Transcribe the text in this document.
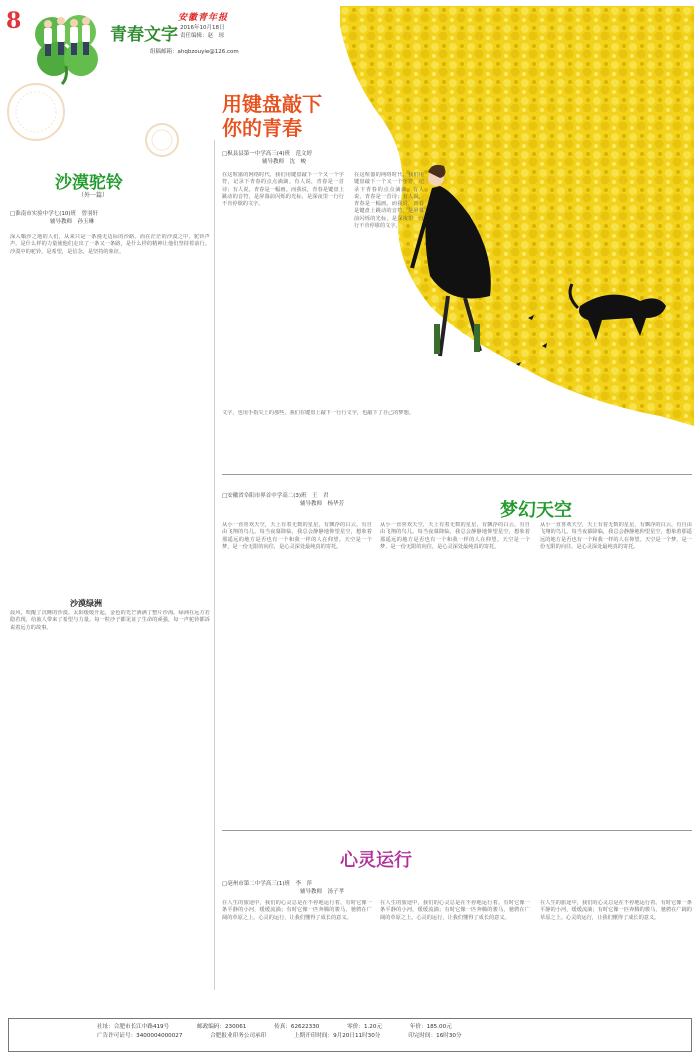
8
青春文字
安徽青年报
2016年10月18日
责任编辑：赵　琼
组稿邮箱：ahqbzouyie@126.com
用键盘敲下
你的青春
□枞县县第一中学高三(4)班　范文婷
辅导教师　沈　峻
在这喧嚣的网络时代，我们用键盘敲下一个又一个字符，记录下青春的点点滴滴。有人说，青春是一首诗；有人说，青春是一幅画。而我说，青春是键盘上跳动的音符，是屏幕前闪烁的光标，是深夜里一行行不肯停歇的文字。
在这喧嚣的网络时代，我们用键盘敲下一个又一个字符，记录下青春的点点滴滴。有人说，青春是一首诗；有人说，青春是一幅画。而我说，青春是键盘上跳动的音符，是屏幕前闪烁的光标，是深夜里一行行不肯停歇的文字。
文字，也用手指尖上的那些，我们在键盘上敲下一行行文字，也敲下了自己的梦想。
沙漠驼铃
（外一篇）
□淮南市实验中学七(10)班　曾羽轩
辅导教师　孙玉琳
深入嗡沙之地的人们，从来只是一条漫无边际的沙路。而在茫茫的沙漠之中，驼铃声声。是什么样的力量使他们走出了一条又一条路，是什么样的精神让他们坚持着前行。沙漠中的驼铃，是希望，是信念，是坚持的象征。
沙漠绿洲
晨风，吹醒了沉睡的沙漠。太阳缓缓升起，金色的光芒洒满了整片沙海。绿洲在远方若隐若现，给旅人带来了希望与力量。每一粒沙子都见证了生命的顽强，每一声驼铃都诉说着远方的故事。
□安徽省阜阳市界首中学高二(3)班　王　君
辅导教师　杨华芳	梦幻天空
从小一直喜欢天空，天上有着无数的星星，有飘浮的白云，有自由飞翔的鸟儿。每当夜幕降临，我总会静静地仰望星空，想象着那遥远的地方是否也有一个和我一样的人在仰望。天空是一个梦，是一份无限的向往，是心灵深处最纯真的寄托。
从小一直喜欢天空，天上有着无数的星星，有飘浮的白云，有自由飞翔的鸟儿。每当夜幕降临，我总会静静地仰望星空，想象着那遥远的地方是否也有一个和我一样的人在仰望。天空是一个梦，是一份无限的向往，是心灵深处最纯真的寄托。
从小一直喜欢天空，天上有着无数的星星，有飘浮的白云，有自由飞翔的鸟儿。每当夜幕降临，我总会静静地仰望星空，想象着那遥远的地方是否也有一个和我一样的人在仰望。天空是一个梦，是一份无限的向往，是心灵深处最纯真的寄托。
心灵运行
□亳州市第二中学高三(1)班　李　萍
辅导教师　汤子孝
在人生的旅途中，我们的心灵总是在不停地运行着。有时它像一条平静的小河，缓缓流淌；有时它像一匹奔腾的骏马，驰骋在广阔的草原之上。心灵的运行，让我们懂得了成长的意义。
在人生的旅途中，我们的心灵总是在不停地运行着。有时它像一条平静的小河，缓缓流淌；有时它像一匹奔腾的骏马，驰骋在广阔的草原之上。心灵的运行，让我们懂得了成长的意义。
在人生的旅途中，我们的心灵总是在不停地运行着。有时它像一条平静的小河，缓缓流淌；有时它像一匹奔腾的骏马，驰骋在广阔的草原之上。心灵的运行，让我们懂得了成长的意义。
社址：合肥市长江中路419号	邮政编码：230061	传真：62622330	零价：1.20元	年价：185.00元
广告许可证号：3400004000027	合肥报业印务公司承印	上期开印时间：9月20日11时30分	印完时间：16时30分
